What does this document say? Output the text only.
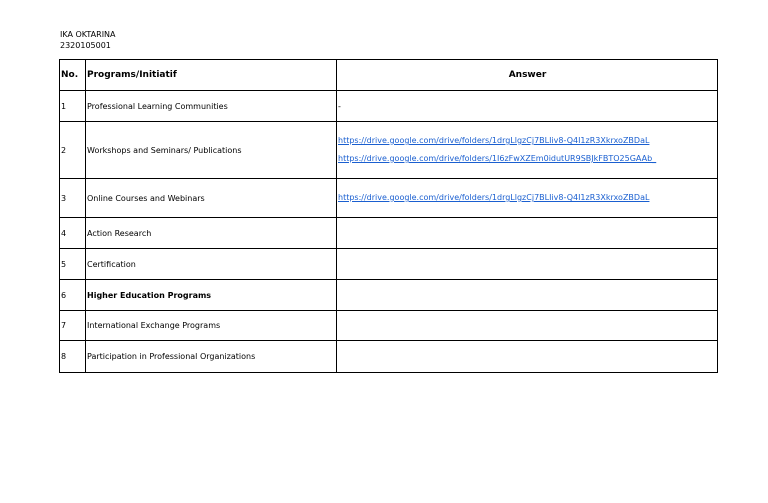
IKA OKTARINA
2320105001
No.	Programs/Initiatif	Answer
1	Professional Learning Communities	-
2	Workshops and Seminars/ Publications	https://drive.google.com/drive/folders/1drgLlgzCj7BLIiv8-Q4I1zR3XkrxoZBDaL
https://drive.google.com/drive/folders/1I6zFwXZEm0idutUR9SBJkFBTO25GAAb_

3	Online Courses and Webinars	https://drive.google.com/drive/folders/1drgLlgzCj7BLIiv8-Q4I1zR3XkrxoZBDaL

4	Action Research	
5	Certification	
6	Higher Education Programs	
7	International Exchange Programs	
8	Participation in Professional Organizations	
